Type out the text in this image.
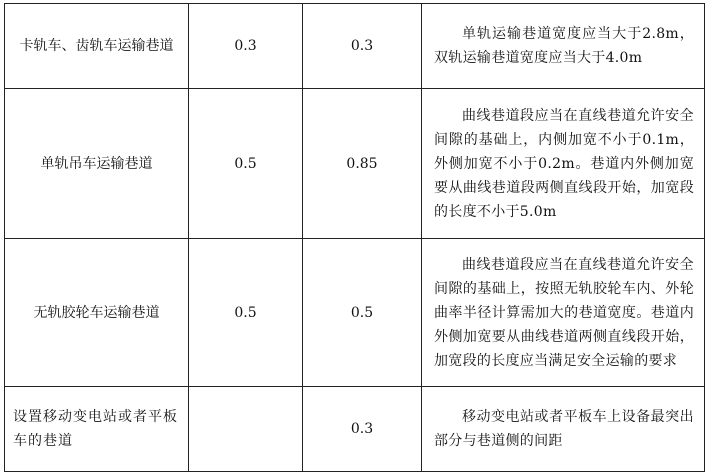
卡轨车、齿轨车运输巷道	0.3	0.3	单轨运输巷道宽度应当大于2.8m，双轨运输巷道宽度应当大于4.0m

单轨吊车运输巷道	0.5	0.85	曲线巷道段应当在直线巷道允许安全间隙的基础上，内侧加宽不小于0.1m，外侧加宽不小于0.2m。巷道内外侧加宽要从曲线巷道段两侧直线段开始，加宽段的长度不小于5.0m

无轨胶轮车运输巷道	0.5	0.5	曲线巷道段应当在直线巷道允许安全间隙的基础上，按照无轨胶轮车内、外轮曲率半径计算需加大的巷道宽度。巷道内外侧加宽要从曲线巷道两侧直线段开始，加宽段的长度应当满足安全运输的要求

设置移动变电站或者平板车的巷道		0.3	移动变电站或者平板车上设备最突出部分与巷道侧的间距
